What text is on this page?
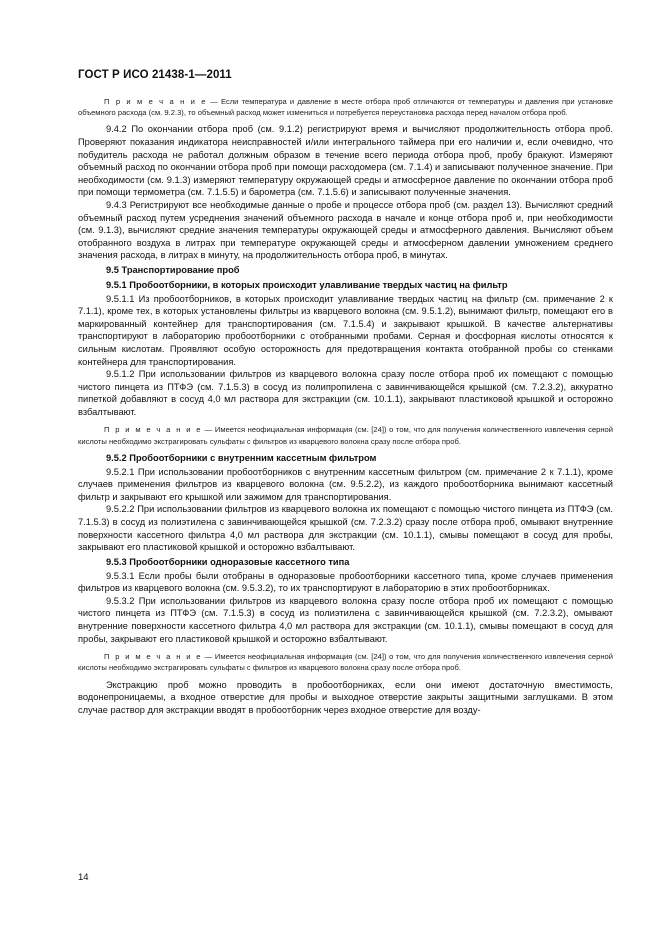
ГОСТ Р ИСО 21438-1—2011

П р и м е ч а н и е — Если температура и давление в месте отбора проб отличаются от температуры и давления при установке объемного расхода (см. 9.2.3), то объемный расход может измениться и потребуется переустановка расхода перед началом отбора проб.

9.4.2 По окончании отбора проб (см. 9.1.2) регистрируют время и вычисляют продолжительность отбора проб. Проверяют показания индикатора неисправностей и/или интегрального таймера при его наличии и, если очевидно, что побудитель расхода не работал должным образом в течение всего периода отбора проб, пробу бракуют. Измеряют объемный расход по окончании отбора проб при помощи расходомера (см. 7.1.4) и записывают полученное значение. При необходимости (см. 9.1.3) измеряют температуру окружающей среды и атмосферное давление по окончании отбора проб при помощи термометра (см. 7.1.5.5) и барометра (см. 7.1.5.6) и записывают полученные значения.

9.4.3 Регистрируют все необходимые данные о пробе и процессе отбора проб (см. раздел 13). Вычисляют средний объемный расход путем усреднения значений объемного расхода в начале и конце отбора проб и, при необходимости (см. 9.1.3), вычисляют средние значения температуры окружающей среды и атмосферного давления. Вычисляют объем отобранного воздуха в литрах при температуре окружающей среды и атмосферном давлении умножением среднего значения расхода, в литрах в минуту, на продолжительность отбора проб, в минутах.

9.5 Транспортирование проб

9.5.1 Пробоотборники, в которых происходит улавливание твердых частиц на фильтр

9.5.1.1 Из пробоотборников, в которых происходит улавливание твердых частиц на фильтр (см. примечание 2 к 7.1.1), кроме тех, в которых установлены фильтры из кварцевого волокна (см. 9.5.1.2), вынимают фильтр, помещают его в маркированный контейнер для транспортирования (см. 7.1.5.4) и закрывают крышкой. В качестве альтернативы транспортируют в лабораторию пробоотборники с отобранными пробами. Серная и фосфорная кислоты относятся к сильным кислотам. Проявляют особую осторожность для предотвращения контакта отобранной пробы со стенками контейнера для транспортирования.

9.5.1.2 При использовании фильтров из кварцевого волокна сразу после отбора проб их помещают с помощью чистого пинцета из ПТФЭ (см. 7.1.5.3) в сосуд из полипропилена с завинчивающейся крышкой (см. 7.2.3.2), аккуратно пипеткой добавляют в сосуд 4,0 мл раствора для экстракции (см. 10.1.1), закрывают пластиковой крышкой и осторожно взбалтывают.

П р и м е ч а н и е — Имеется неофициальная информация (см. [24]) о том, что для получения количественного извлечения серной кислоты необходимо экстрагировать сульфаты с фильтров из кварцевого волокна сразу после отбора проб.

9.5.2 Пробоотборники с внутренним кассетным фильтром

9.5.2.1 При использовании пробоотборников с внутренним кассетным фильтром (см. примечание 2 к 7.1.1), кроме случаев применения фильтров из кварцевого волокна (см. 9.5.2.2), из каждого пробоотборника вынимают кассетный фильтр и закрывают его крышкой или зажимом для транспортирования.

9.5.2.2 При использовании фильтров из кварцевого волокна их помещают с помощью чистого пинцета из ПТФЭ (см. 7.1.5.3) в сосуд из полиэтилена с завинчивающейся крышкой (см. 7.2.3.2) сразу после отбора проб, омывают внутренние поверхности кассетного фильтра 4,0 мл раствора для экстракции (см. 10.1.1), смывы помещают в сосуд для пробы, закрывают его пластиковой крышкой и осторожно взбалтывают.

9.5.3 Пробоотборники одноразовые кассетного типа

9.5.3.1 Если пробы были отобраны в одноразовые пробоотборники кассетного типа, кроме случаев применения фильтров из кварцевого волокна (см. 9.5.3.2), то их транспортируют в лабораторию в этих пробоотборниках.

9.5.3.2 При использовании фильтров из кварцевого волокна сразу после отбора проб их помещают с помощью чистого пинцета из ПТФЭ (см. 7.1.5.3) в сосуд из полиэтилена с завинчивающейся крышкой (см. 7.2.3.2), омывают внутренние поверхности кассетного фильтра 4,0 мл раствора для экстракции (см. 10.1.1), смывы помещают в сосуд для пробы, закрывают его пластиковой крышкой и осторожно взбалтывают.

П р и м е ч а н и е — Имеется неофициальная информация (см. [24]) о том, что для получения количественного извлечения серной кислоты необходимо экстрагировать сульфаты с фильтров из кварцевого волокна сразу после отбора проб.

Экстракцию проб можно проводить в пробоотборниках, если они имеют достаточную вместимость, водонепроницаемы, а входное отверстие для пробы и выходное отверстие закрыты защитными заглушками. В этом случае раствор для экстракции вводят в пробоотборник через входное отверстие для возду-

14
